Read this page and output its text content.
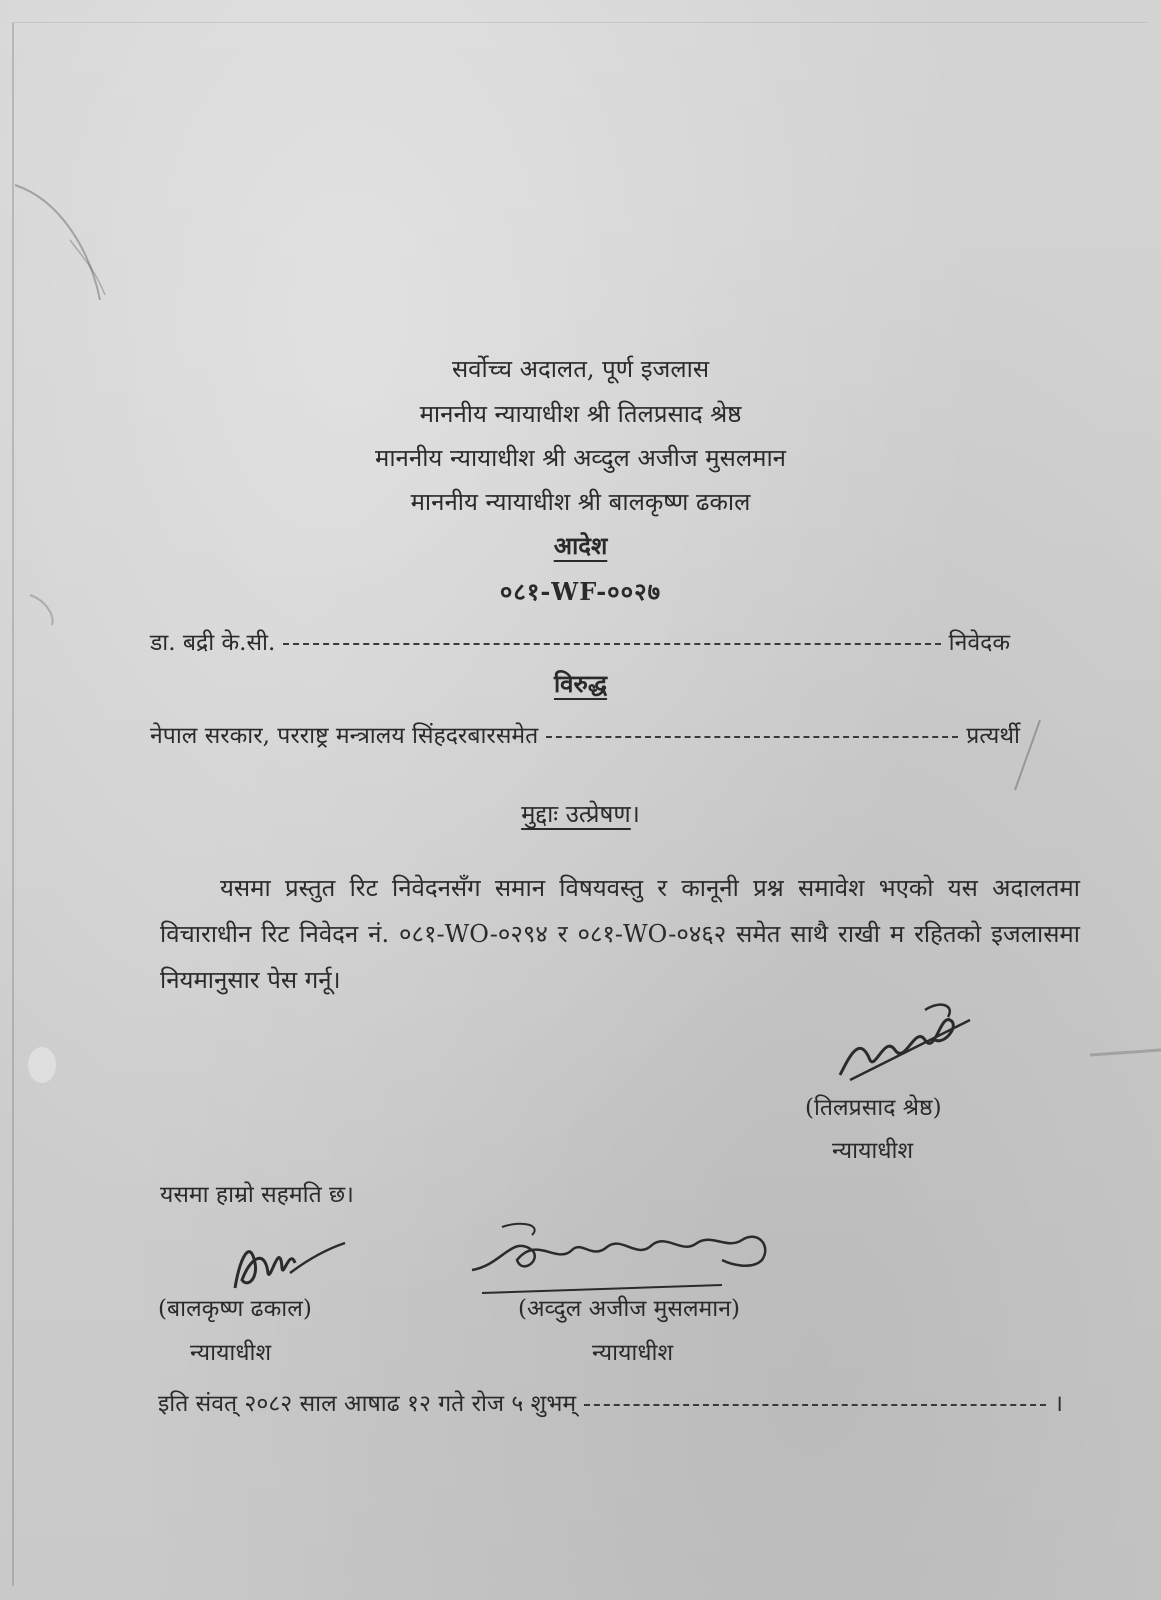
सर्वोच्च अदालत, पूर्ण इजलास
माननीय न्यायाधीश श्री तिलप्रसाद श्रेष्ठ
माननीय न्यायाधीश श्री अव्दुल अजीज मुसलमान
माननीय न्यायाधीश श्री बालकृष्ण ढकाल
आदेश
०८१-WF-००२७
डा. बद्री के.सी.	निवेदक
विरुद्ध
नेपाल सरकार, परराष्ट्र मन्त्रालय सिंहदरबारसमेत	प्रत्यर्थी
मुद्दाः उत्प्रेषण।
यसमा प्रस्तुत रिट निवेदनसँग समान विषयवस्तु र कानूनी प्रश्न समावेश भएको यस अदालतमा विचाराधीन रिट निवेदन नं. ०८१-WO-०२९४ र ०८१-WO-०४६२ समेत साथै राखी म रहितको इजलासमा नियमानुसार पेस गर्नू।
(तिलप्रसाद श्रेष्ठ)
न्यायाधीश
यसमा हाम्रो सहमति छ।
(बालकृष्ण ढकाल)
न्यायाधीश
(अव्दुल अजीज मुसलमान)
न्यायाधीश
इति संवत् २०८२ साल आषाढ १२ गते रोज ५ शुभम्	।
